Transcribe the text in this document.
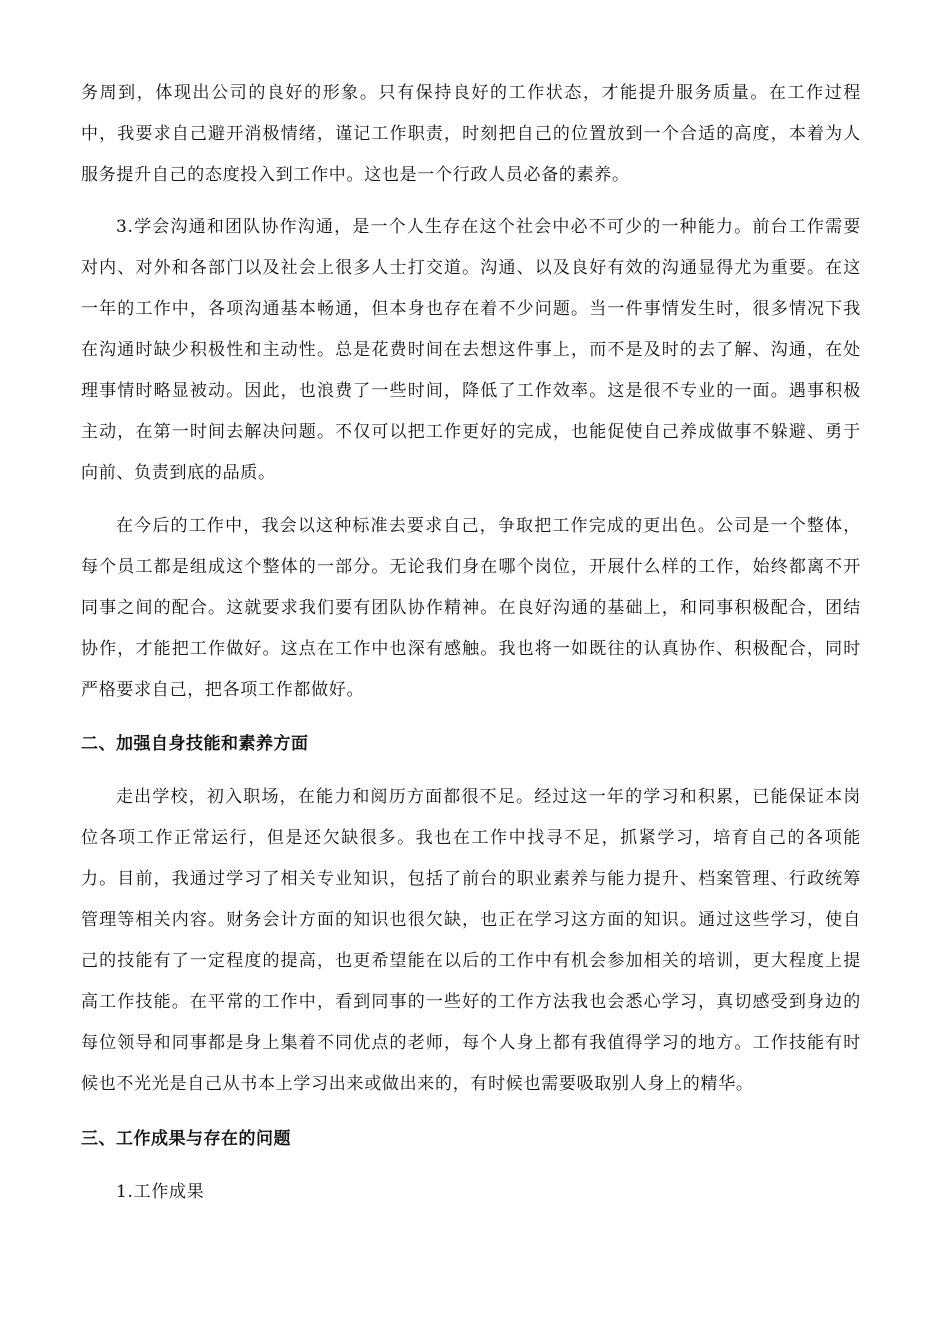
务周到，体现出公司的良好的形象。只有保持良好的工作状态，才能提升服务质量。在工作过程
中，我要求自己避开消极情绪，谨记工作职责，时刻把自己的位置放到一个合适的高度，本着为人
服务提升自己的态度投入到工作中。这也是一个行政人员必备的素养。
3.学会沟通和团队协作沟通，是一个人生存在这个社会中必不可少的一种能力。前台工作需要
对内、对外和各部门以及社会上很多人士打交道。沟通、以及良好有效的沟通显得尤为重要。在这
一年的工作中，各项沟通基本畅通，但本身也存在着不少问题。当一件事情发生时，很多情况下我
在沟通时缺少积极性和主动性。总是花费时间在去想这件事上，而不是及时的去了解、沟通，在处
理事情时略显被动。因此，也浪费了一些时间，降低了工作效率。这是很不专业的一面。遇事积极
主动，在第一时间去解决问题。不仅可以把工作更好的完成，也能促使自己养成做事不躲避、勇于
向前、负责到底的品质。
在今后的工作中，我会以这种标准去要求自己，争取把工作完成的更出色。公司是一个整体，
每个员工都是组成这个整体的一部分。无论我们身在哪个岗位，开展什么样的工作，始终都离不开
同事之间的配合。这就要求我们要有团队协作精神。在良好沟通的基础上，和同事积极配合，团结
协作，才能把工作做好。这点在工作中也深有感触。我也将一如既往的认真协作、积极配合，同时
严格要求自己，把各项工作都做好。
二、加强自身技能和素养方面
走出学校，初入职场，在能力和阅历方面都很不足。经过这一年的学习和积累，已能保证本岗
位各项工作正常运行，但是还欠缺很多。我也在工作中找寻不足，抓紧学习，培育自己的各项能
力。目前，我通过学习了相关专业知识，包括了前台的职业素养与能力提升、档案管理、行政统筹
管理等相关内容。财务会计方面的知识也很欠缺，也正在学习这方面的知识。通过这些学习，使自
己的技能有了一定程度的提高，也更希望能在以后的工作中有机会参加相关的培训，更大程度上提
高工作技能。在平常的工作中，看到同事的一些好的工作方法我也会悉心学习，真切感受到身边的
每位领导和同事都是身上集着不同优点的老师，每个人身上都有我值得学习的地方。工作技能有时
候也不光光是自己从书本上学习出来或做出来的，有时候也需要吸取别人身上的精华。
三、工作成果与存在的问题
1.工作成果
